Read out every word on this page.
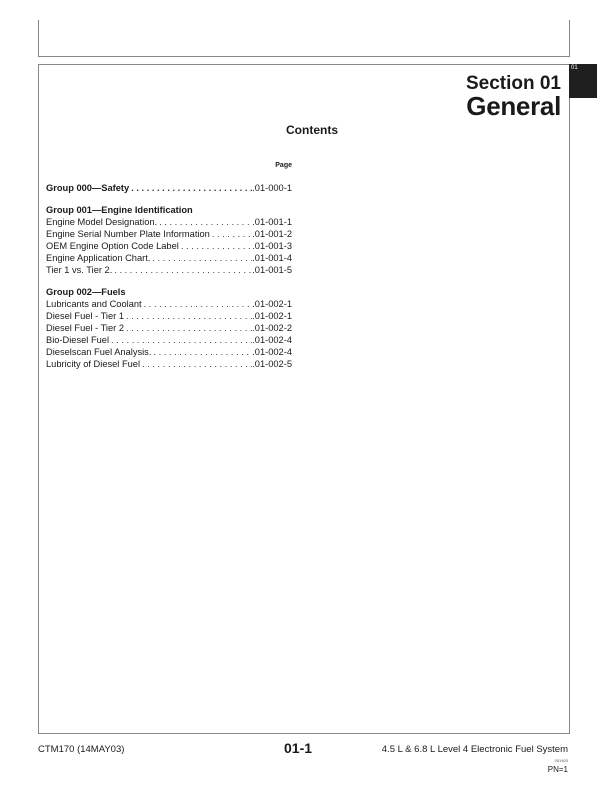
01
Section 01
General
Contents
Page
Group 000—Safety . . .	.01-000-1
Group 001—Engine Identification
Engine Model Designation. . . .	.01-001-1
Engine Serial Number Plate Information . . .	.01-001-2
OEM Engine Option Code Label . . .	.01-001-3
Engine Application Chart. . . .	.01-001-4
Tier 1 vs. Tier 2. . . .	.01-001-5
Group 002—Fuels
Lubricants and Coolant . . .	.01-002-1
Diesel Fuel - Tier 1 . . .	.01-002-1
Diesel Fuel - Tier 2 . . .	.01-002-2
Bio-Diesel Fuel . . .	.01-002-4
Dieselscan Fuel Analysis. . . .	.01-002-4
Lubricity of Diesel Fuel . . .	.01-002-5
CTM170 (14MAY03)	01-1	4.5 L & 6.8 L Level 4 Electronic Fuel System
051403
PN=1
